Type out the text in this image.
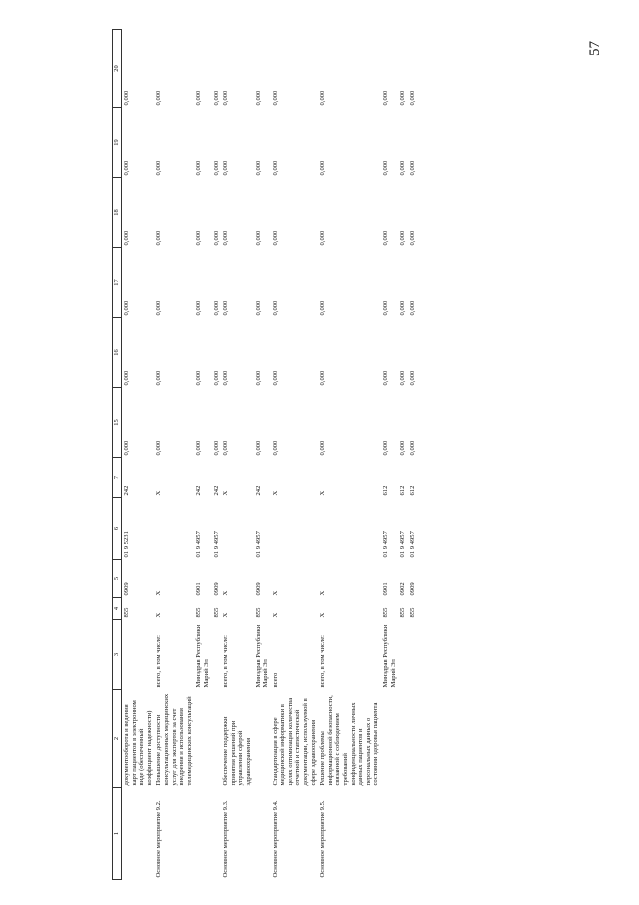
57
1	2	3	4	5	6	7	15	16	17	18	19	20
	документооборота и ведения карт пациентов в электронном виде (обеспеченный коэффициент надежности)		855	0909	01 9 5231	242	0,000	0,000	0,000	0,000	0,000	0,000
Основное мероприятие 9.2.	Повышение доступности консультационных медицинских услуг для экспертов за счет внедрения и использования телемедицинских консультаций	всего, в том числе:	X	X		X	0,000	0,000	0,000	0,000	0,000	0,000
		Минздрав Республики Марий Эл	855	0901	01 9 4957	242	0,000	0,000	0,000	0,000	0,000	0,000
			855	0909	01 9 4957	242	0,000	0,000	0,000	0,000	0,000	0,000
Основное мероприятие 9.3.	Обеспечение поддержки принятия решений при управлении сферой здравоохранения	всего, в том числе:	X	X		X	0,000	0,000	0,000	0,000	0,000	0,000
		Минздрав Республики Марий Эл	855	0909	01 9 4957	242	0,000	0,000	0,000	0,000	0,000	0,000
Основное мероприятие 9.4.	Стандартизация в сфере медицинской информатики в целях оптимизации количества отчетной и статистической документации, используемой в сфере здравоохранения	всего	X	X		X	0,000	0,000	0,000	0,000	0,000	0,000
Основное мероприятие 9.5.	Решение проблемы информационной безопасности, связанной с соблюдением требований конфиденциальности личных данных пациентов и персональных данных о состоянии здоровья пациента	всего, в том числе:	X	X		X	0,000	0,000	0,000	0,000	0,000	0,000
		Минздрав Республики Марий Эл	855	0901	01 9 4957	612	0,000	0,000	0,000	0,000	0,000	0,000
			855	0902	01 9 4957	612	0,000	0,000	0,000	0,000	0,000	0,000
			855	0909	01 9 4957	612	0,000	0,000	0,000	0,000	0,000	0,000
